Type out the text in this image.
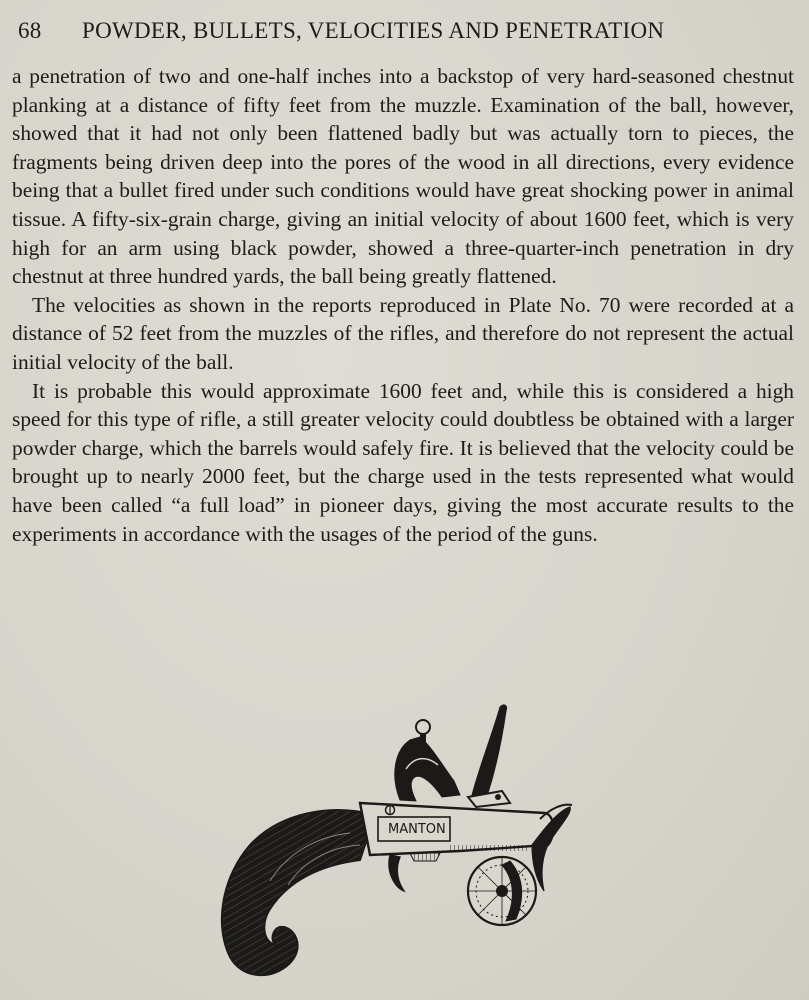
68 POWDER, BULLETS, VELOCITIES AND PENETRATION

a penetration of two and one-half inches into a backstop of very hard-seasoned chestnut planking at a distance of fifty feet from the muzzle. Examination of the ball, however, showed that it had not only been flattened badly but was actually torn to pieces, the fragments being driven deep into the pores of the wood in all directions, every evidence being that a bullet fired under such conditions would have great shocking power in animal tissue. A fifty-six-grain charge, giving an initial velocity of about 1600 feet, which is very high for an arm using black powder, showed a three-quarter-inch penetration in dry chestnut at three hundred yards, the ball being greatly flattened.

The velocities as shown in the reports reproduced in Plate No. 70 were recorded at a distance of 52 feet from the muzzles of the rifles, and therefore do not represent the actual initial velocity of the ball.

It is probable this would approximate 1600 feet and, while this is considered a high speed for this type of rifle, a still greater velocity could doubtless be obtained with a larger powder charge, which the barrels would safely fire. It is believed that the velocity could be brought up to nearly 2000 feet, but the charge used in the tests represented what would have been called “a full load” in pioneer days, giving the most accurate results to the experiments in accordance with the usages of the period of the guns.

MANTON
